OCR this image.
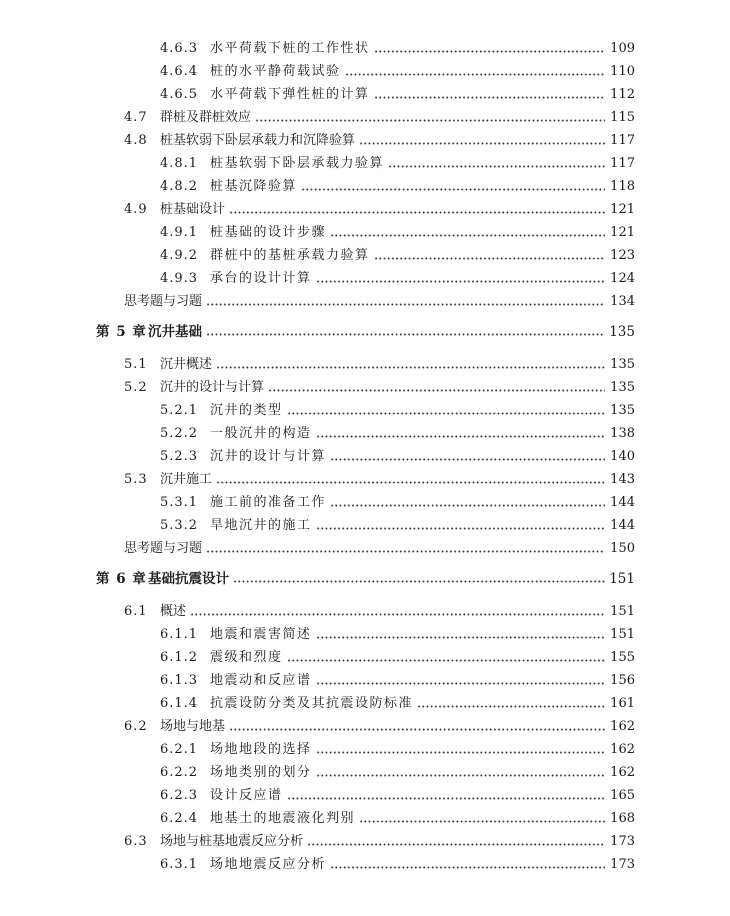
4.6.3 水平荷载下桩的工作性状	109
4.6.4 桩的水平静荷载试验	110
4.6.5 水平荷载下弹性桩的计算	112
4.7 群桩及群桩效应	115
4.8 桩基软弱下卧层承载力和沉降验算	117
4.8.1 桩基软弱下卧层承载力验算	117
4.8.2 桩基沉降验算	118
4.9 桩基础设计	121
4.9.1 桩基础的设计步骤	121
4.9.2 群桩中的基桩承载力验算	123
4.9.3 承台的设计计算	124
思考题与习题	134
第 5 章 沉井基础	135
5.1 沉井概述	135
5.2 沉井的设计与计算	135
5.2.1 沉井的类型	135
5.2.2 一般沉井的构造	138
5.2.3 沉井的设计与计算	140
5.3 沉井施工	143
5.3.1 施工前的准备工作	144
5.3.2 旱地沉井的施工	144
思考题与习题	150
第 6 章 基础抗震设计	151
6.1 概述	151
6.1.1 地震和震害简述	151
6.1.2 震级和烈度	155
6.1.3 地震动和反应谱	156
6.1.4 抗震设防分类及其抗震设防标准	161
6.2 场地与地基	162
6.2.1 场地地段的选择	162
6.2.2 场地类别的划分	162
6.2.3 设计反应谱	165
6.2.4 地基土的地震液化判别	168
6.3 场地与桩基地震反应分析	173
6.3.1 场地地震反应分析	173
